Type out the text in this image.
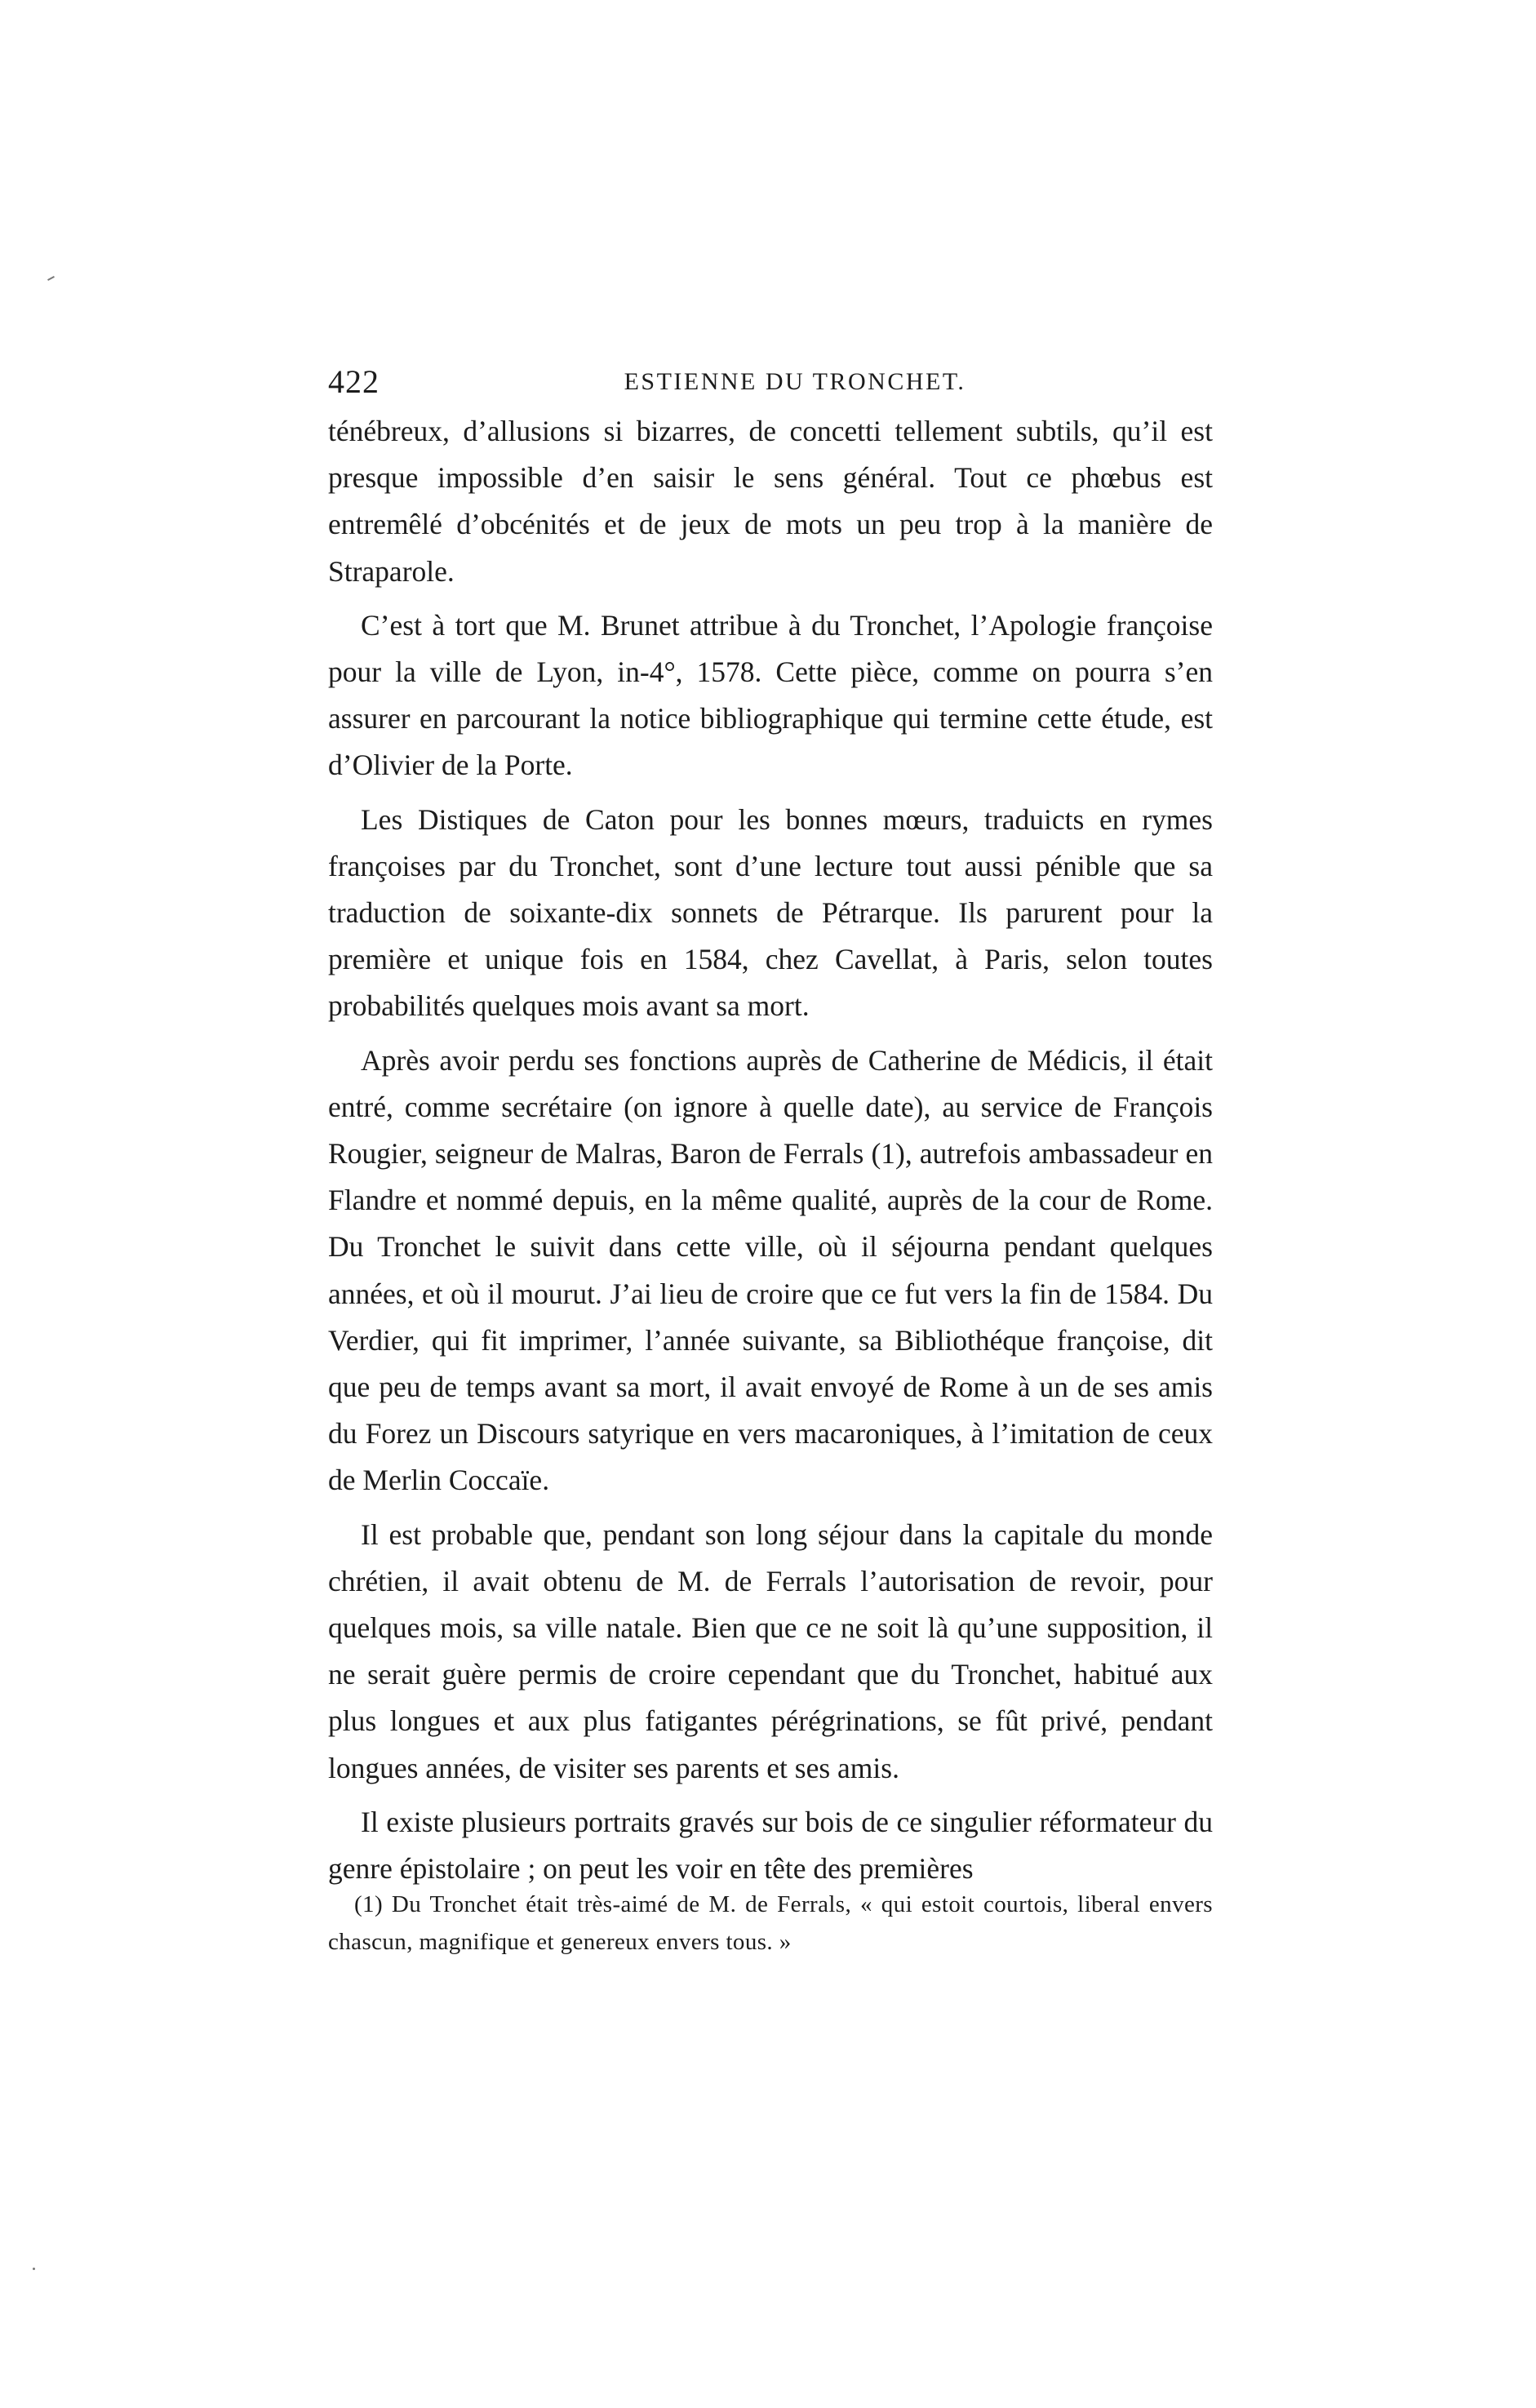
422	ESTIENNE DU TRONCHET.

ténébreux, d’allusions si bizarres, de concetti tellement subtils, qu’il est presque impossible d’en saisir le sens général. Tout ce phœbus est entremêlé d’obcénités et de jeux de mots un peu trop à la manière de Straparole.

C’est à tort que M. Brunet attribue à du Tronchet, l’Apologie françoise pour la ville de Lyon, in-4°, 1578. Cette pièce, comme on pourra s’en assurer en parcourant la notice bibliographique qui termine cette étude, est d’Olivier de la Porte.

Les Distiques de Caton pour les bonnes mœurs, traduicts en rymes françoises par du Tronchet, sont d’une lecture tout aussi pénible que sa traduction de soixante-dix sonnets de Pétrarque. Ils parurent pour la première et unique fois en 1584, chez Cavellat, à Paris, selon toutes probabilités quelques mois avant sa mort.

Après avoir perdu ses fonctions auprès de Catherine de Médicis, il était entré, comme secrétaire (on ignore à quelle date), au service de François Rougier, seigneur de Malras, Baron de Ferrals (1), autrefois ambassadeur en Flandre et nommé depuis, en la même qualité, auprès de la cour de Rome. Du Tronchet le suivit dans cette ville, où il séjourna pendant quelques années, et où il mourut. J’ai lieu de croire que ce fut vers la fin de 1584. Du Verdier, qui fit imprimer, l’année suivante, sa Bibliothéque françoise, dit que peu de temps avant sa mort, il avait envoyé de Rome à un de ses amis du Forez un Discours satyrique en vers macaroniques, à l’imitation de ceux de Merlin Coccaïe.

Il est probable que, pendant son long séjour dans la capitale du monde chrétien, il avait obtenu de M. de Ferrals l’autorisation de revoir, pour quelques mois, sa ville natale. Bien que ce ne soit là qu’une supposition, il ne serait guère permis de croire cependant que du Tronchet, habitué aux plus longues et aux plus fatigantes pérégrinations, se fût privé, pendant longues années, de visiter ses parents et ses amis.

Il existe plusieurs portraits gravés sur bois de ce singulier réformateur du genre épistolaire ; on peut les voir en tête des premières

(1) Du Tronchet était très-aimé de M. de Ferrals, « qui estoit courtois, liberal envers chascun, magnifique et genereux envers tous. »
